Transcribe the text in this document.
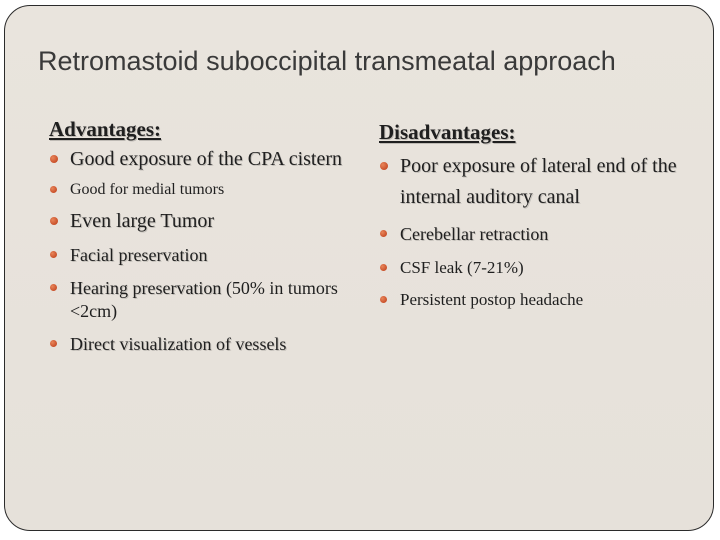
Retromastoid suboccipital transmeatal approach

Advantages:

Good exposure of the CPA cistern
Good for medial tumors
Even large Tumor
Facial preservation
Hearing preservation (50% in tumors <2cm)
Direct visualization of vessels

Disadvantages:

Poor exposure of lateral end of the internal auditory canal
Cerebellar retraction
CSF leak (7-21%)
Persistent postop headache
